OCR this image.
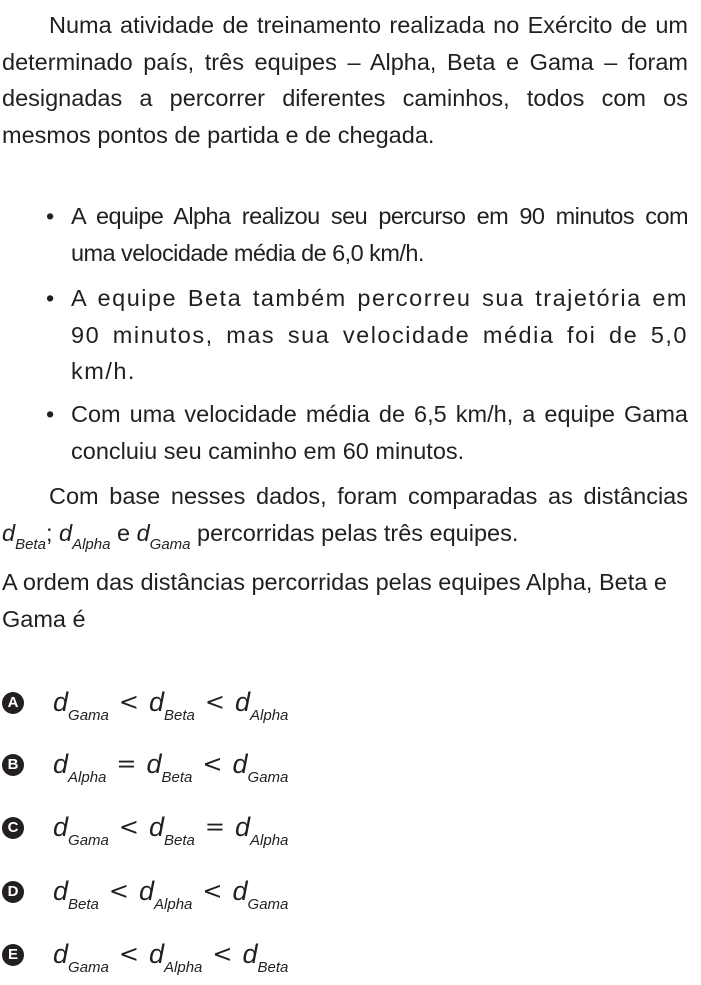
Numa atividade de treinamento realizada no Exército de um determinado país, três equipes – Alpha, Beta e Gama – foram designadas a percorrer diferentes caminhos, todos com os mesmos pontos de partida e de chegada.

• A equipe Alpha realizou seu percurso em 90 minutos com uma velocidade média de 6,0 km/h.

• A equipe Beta também percorreu sua trajetória em 90 minutos, mas sua velocidade média foi de 5,0 km/h.

• Com uma velocidade média de 6,5 km/h, a equipe Gama concluiu seu caminho em 60 minutos.

Com base nesses dados, foram comparadas as distâncias $d_{Beta}$; $d_{Alpha}$ e $d_{Gama}$ percorridas pelas três equipes.

A ordem das distâncias percorridas pelas equipes Alpha, Beta e Gama é

A $d_{Gama} < d_{Beta} < d_{Alpha}$
B $d_{Alpha} = d_{Beta} < d_{Gama}$
C $d_{Gama} < d_{Beta} = d_{Alpha}$
D $d_{Beta} < d_{Alpha} < d_{Gama}$
E $d_{Gama} < d_{Alpha} < d_{Beta}$
